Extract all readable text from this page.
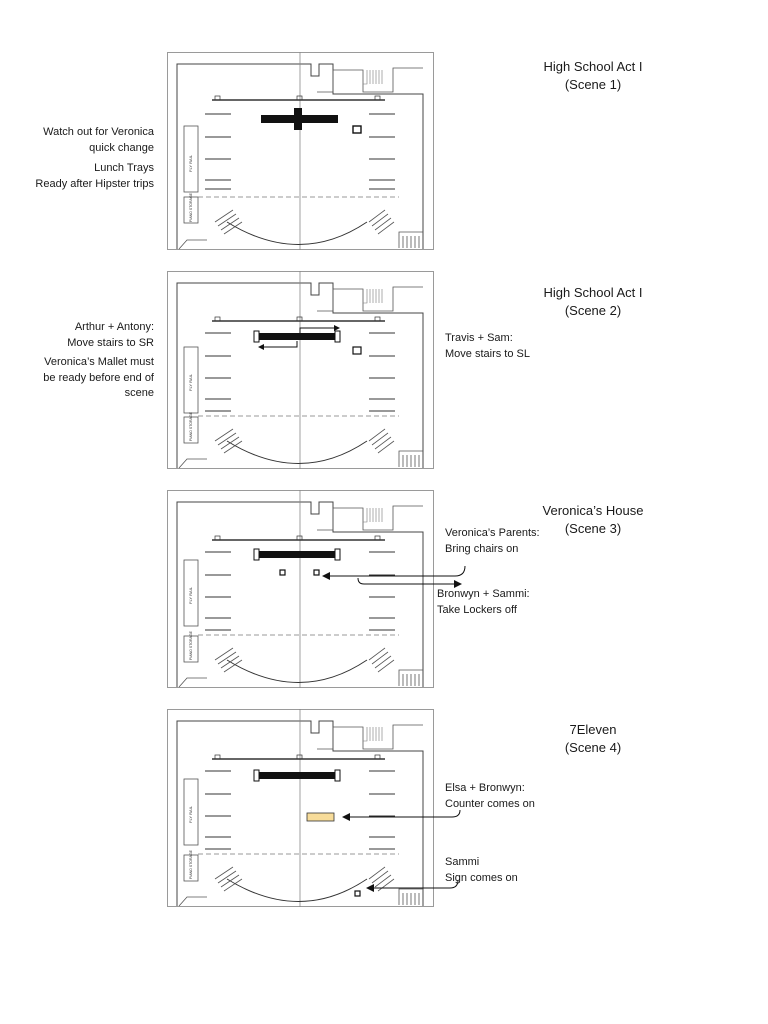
FLY RAIL
PIANO STORAGE
High School Act I
(Scene 1)
Watch out for Veronica
quick change
Lunch Trays
Ready after Hipster trips
FLY RAIL
PIANO STORAGE
High School Act I
(Scene 2)
Arthur + Antony:
Move stairs to SR
Veronica’s Mallet must
be ready before end of
scene
Travis + Sam:
Move stairs to SL
FLY RAIL
PIANO STORAGE
Veronica’s House
(Scene 3)
Veronica’s Parents:
Bring chairs on
Bronwyn + Sammi:
Take Lockers off
FLY RAIL
PIANO STORAGE
7Eleven
(Scene 4)
Elsa + Bronwyn:
Counter comes on
Sammi
Sign comes on
